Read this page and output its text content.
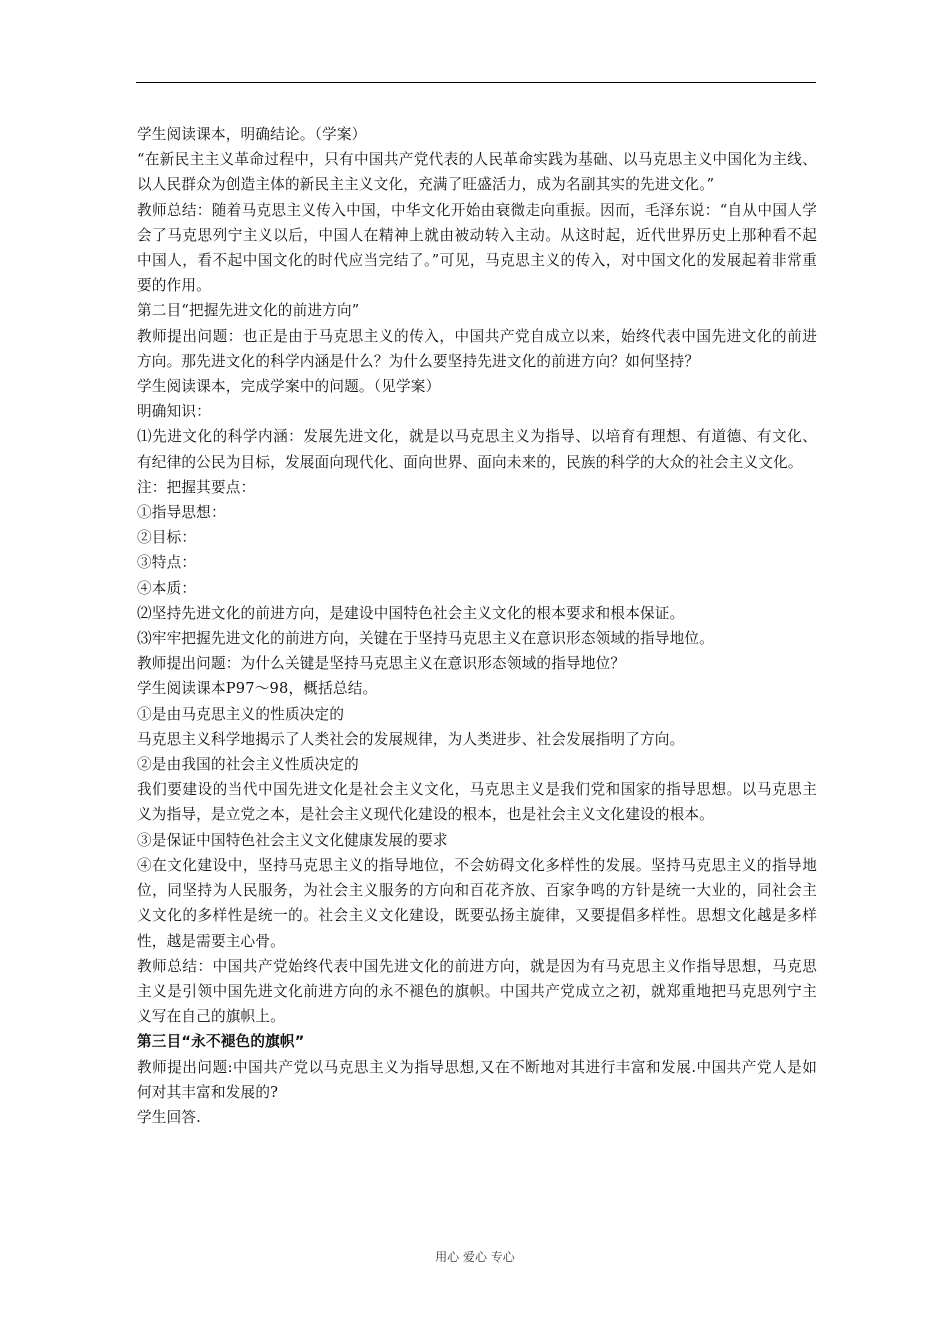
学生阅读课本，明确结论。（学案）

“在新民主主义革命过程中，只有中国共产党代表的人民革命实践为基础、以马克思主义中国化为主线、以人民群众为创造主体的新民主主义文化，充满了旺盛活力，成为名副其实的先进文化。”

教师总结：随着马克思主义传入中国，中华文化开始由衰微走向重振。因而，毛泽东说：“自从中国人学会了马克思列宁主义以后，中国人在精神上就由被动转入主动。从这时起，近代世界历史上那种看不起中国人，看不起中国文化的时代应当完结了。”可见，马克思主义的传入，对中国文化的发展起着非常重要的作用。

第二目“把握先进文化的前进方向”

教师提出问题：也正是由于马克思主义的传入，中国共产党自成立以来，始终代表中国先进文化的前进方向。那先进文化的科学内涵是什么？为什么要坚持先进文化的前进方向？如何坚持？

学生阅读课本，完成学案中的问题。（见学案）

明确知识：

⑴先进文化的科学内涵：发展先进文化，就是以马克思主义为指导、以培育有理想、有道德、有文化、有纪律的公民为目标，发展面向现代化、面向世界、面向未来的，民族的科学的大众的社会主义文化。

注：把握其要点：

①指导思想：

②目标：

③特点：

④本质：

⑵坚持先进文化的前进方向，是建设中国特色社会主义文化的根本要求和根本保证。

⑶牢牢把握先进文化的前进方向，关键在于坚持马克思主义在意识形态领域的指导地位。

教师提出问题：为什么关键是坚持马克思主义在意识形态领域的指导地位？

学生阅读课本P97～98，概括总结。

①是由马克思主义的性质决定的

马克思主义科学地揭示了人类社会的发展规律，为人类进步、社会发展指明了方向。

②是由我国的社会主义性质决定的

我们要建设的当代中国先进文化是社会主义文化，马克思主义是我们党和国家的指导思想。以马克思主义为指导，是立党之本，是社会主义现代化建设的根本，也是社会主义文化建设的根本。

③是保证中国特色社会主义文化健康发展的要求

④在文化建设中，坚持马克思主义的指导地位，不会妨碍文化多样性的发展。坚持马克思主义的指导地位，同坚持为人民服务，为社会主义服务的方向和百花齐放、百家争鸣的方针是统一大业的，同社会主义文化的多样性是统一的。社会主义文化建设，既要弘扬主旋律，又要提倡多样性。思想文化越是多样性，越是需要主心骨。

教师总结：中国共产党始终代表中国先进文化的前进方向，就是因为有马克思主义作指导思想，马克思主义是引领中国先进文化前进方向的永不褪色的旗帜。中国共产党成立之初，就郑重地把马克思列宁主义写在自己的旗帜上。

第三目“永不褪色的旗帜”

教师提出问题:中国共产党以马克思主义为指导思想,又在不断地对其进行丰富和发展.中国共产党人是如何对其丰富和发展的?

学生回答.

用心 爱心 专心
